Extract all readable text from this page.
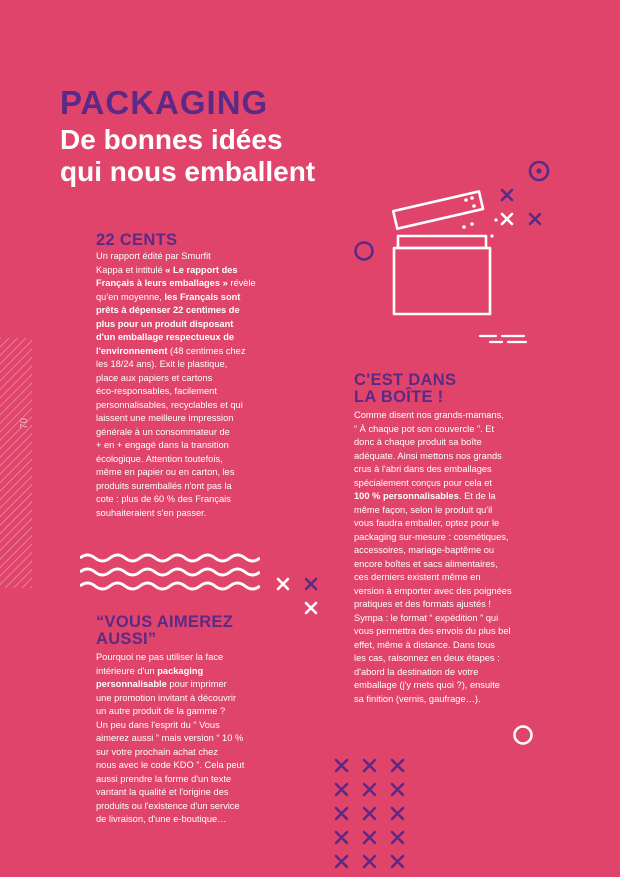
PACKAGING
De bonnes idées
qui nous emballent
22 CENTS
Un rapport édité par Smurfit
Kappa et intitulé « Le rapport des
Français à leurs emballages » révèle
qu'en moyenne, les Français sont
prêts à dépenser 22 centimes de
plus pour un produit disposant
d'un emballage respectueux de
l'environnement (48 centimes chez
les 18/24 ans). Exit le plastique,
place aux papiers et cartons
éco-responsables, facilement
personnalisables, recyclables et qui
laissent une meilleure impression
générale à un consommateur de
+ en + engagé dans la transition
écologique. Attention toutefois,
même en papier ou en carton, les
produits suremballés n'ont pas la
cote : plus de 60 % des Français
souhaiteraient s'en passer.
“VOUS AIMEREZ
AUSSI”
Pourquoi ne pas utiliser la face
intérieure d'un packaging
personnalisable pour imprimer
une promotion invitant à découvrir
un autre produit de la gamme ?
Un peu dans l'esprit du “ Vous
aimerez aussi ” mais version “ 10 %
sur votre prochain achat chez
nous avec le code KDO ”. Cela peut
aussi prendre la forme d'un texte
vantant la qualité et l'origine des
produits ou l'existence d'un service
de livraison, d'une e-boutique…
C'EST DANS
LA BOÎTE !
Comme disent nos grands-mamans,
“ À chaque pot son couvercle ”. Et
donc à chaque produit sa boîte
adéquate. Ainsi mettons nos grands
crus à l'abri dans des emballages
spécialement conçus pour cela et
100 % personnalisables. Et de la
même façon, selon le produit qu'il
vous faudra emballer, optez pour le
packaging sur-mesure : cosmétiques,
accessoires, mariage-baptême ou
encore boîtes et sacs alimentaires,
ces derniers existent même en
version à emporter avec des poignées
pratiques et des formats ajustés !
Sympa : le format “ expédition ” qui
vous permettra des envois du plus bel
effet, même à distance. Dans tous
les cas, raisonnez en deux étapes :
d'abord la destination de votre
emballage (j'y mets quoi ?), ensuite
sa finition (vernis, gaufrage…).
